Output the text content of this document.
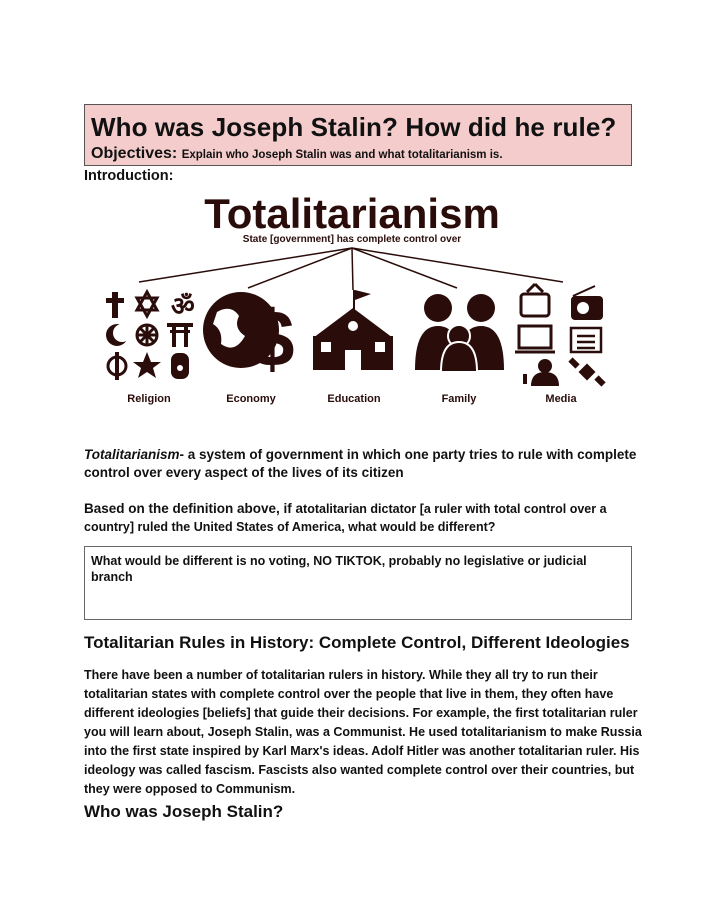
Who was Joseph Stalin? How did he rule?
Objectives: Explain who Joseph Stalin was and what totalitarianism is.
Introduction:
Totalitarianism
State [government] has complete control over
ॐ $
Religion	Economy	Education	Family	Media
Totalitarianism- a system of government in which one party tries to rule with complete control over every aspect of the lives of its citizen
Based on the definition above, if atotalitarian dictator [a ruler with total control over a country] ruled the United States of America, what would be different?
What would be different is no voting, NO TIKTOK, probably no legislative or judicial branch
Totalitarian Rules in History: Complete Control, Different Ideologies
There have been a number of totalitarian rulers in history. While they all try to run their totalitarian states with complete control over the people that live in them, they often have different ideologies [beliefs] that guide their decisions. For example, the first totalitarian ruler you will learn about, Joseph Stalin, was a Communist. He used totalitarianism to make Russia into the first state inspired by Karl Marx's ideas. Adolf Hitler was another totalitarian ruler. His ideology was called fascism. Fascists also wanted complete control over their countries, but they were opposed to Communism.
Who was Joseph Stalin?
